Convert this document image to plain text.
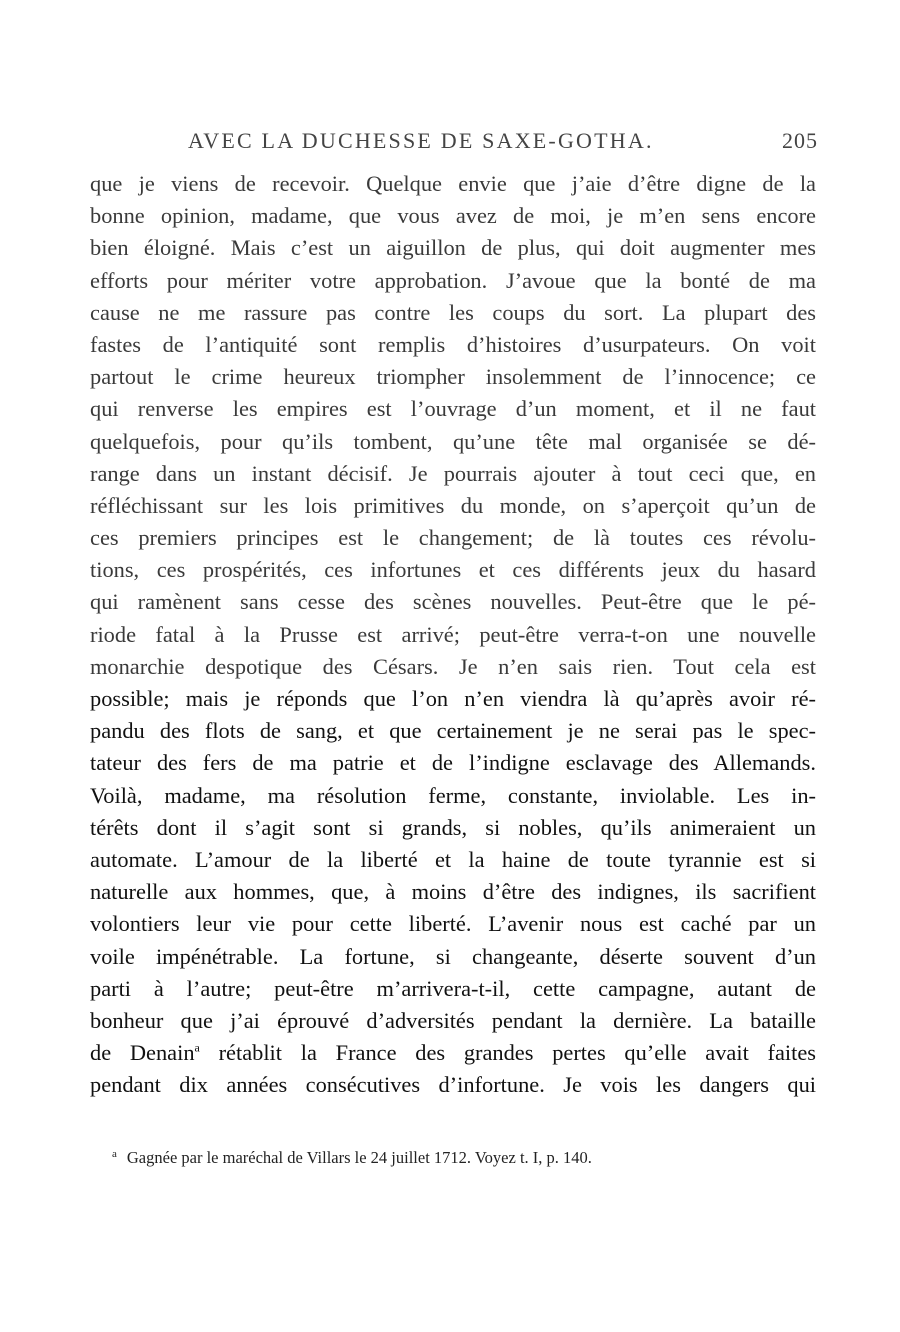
AVEC LA DUCHESSE DE SAXE-GOTHA.	205
que je viens de recevoir. Quelque envie que j’aie d’être digne de la
bonne opinion, madame, que vous avez de moi, je m’en sens encore
bien éloigné. Mais c’est un aiguillon de plus, qui doit augmenter mes
efforts pour mériter votre approbation. J’avoue que la bonté de ma
cause ne me rassure pas contre les coups du sort. La plupart des
fastes de l’antiquité sont remplis d’histoires d’usurpateurs. On voit
partout le crime heureux triompher insolemment de l’innocence; ce
qui renverse les empires est l’ouvrage d’un moment, et il ne faut
quelquefois, pour qu’ils tombent, qu’une tête mal organisée se dé-
range dans un instant décisif. Je pourrais ajouter à tout ceci que, en
réfléchissant sur les lois primitives du monde, on s’aperçoit qu’un de
ces premiers principes est le changement; de là toutes ces révolu-
tions, ces prospérités, ces infortunes et ces différents jeux du hasard
qui ramènent sans cesse des scènes nouvelles. Peut-être que le pé-
riode fatal à la Prusse est arrivé; peut-être verra-t-on une nouvelle
monarchie despotique des Césars. Je n’en sais rien. Tout cela est
possible; mais je réponds que l’on n’en viendra là qu’après avoir ré-
pandu des flots de sang, et que certainement je ne serai pas le spec-
tateur des fers de ma patrie et de l’indigne esclavage des Allemands.
Voilà, madame, ma résolution ferme, constante, inviolable. Les in-
térêts dont il s’agit sont si grands, si nobles, qu’ils animeraient un
automate. L’amour de la liberté et la haine de toute tyrannie est si
naturelle aux hommes, que, à moins d’être des indignes, ils sacrifient
volontiers leur vie pour cette liberté. L’avenir nous est caché par un
voile impénétrable. La fortune, si changeante, déserte souvent d’un
parti à l’autre; peut-être m’arrivera-t-il, cette campagne, autant de
bonheur que j’ai éprouvé d’adversités pendant la dernière. La bataille
de Denain$^a$ rétablit la France des grandes pertes qu’elle avait faites
pendant dix années consécutives d’infortune. Je vois les dangers qui
$^a$ Gagnée par le maréchal de Villars le 24 juillet 1712. Voyez t. I, p. 140.
